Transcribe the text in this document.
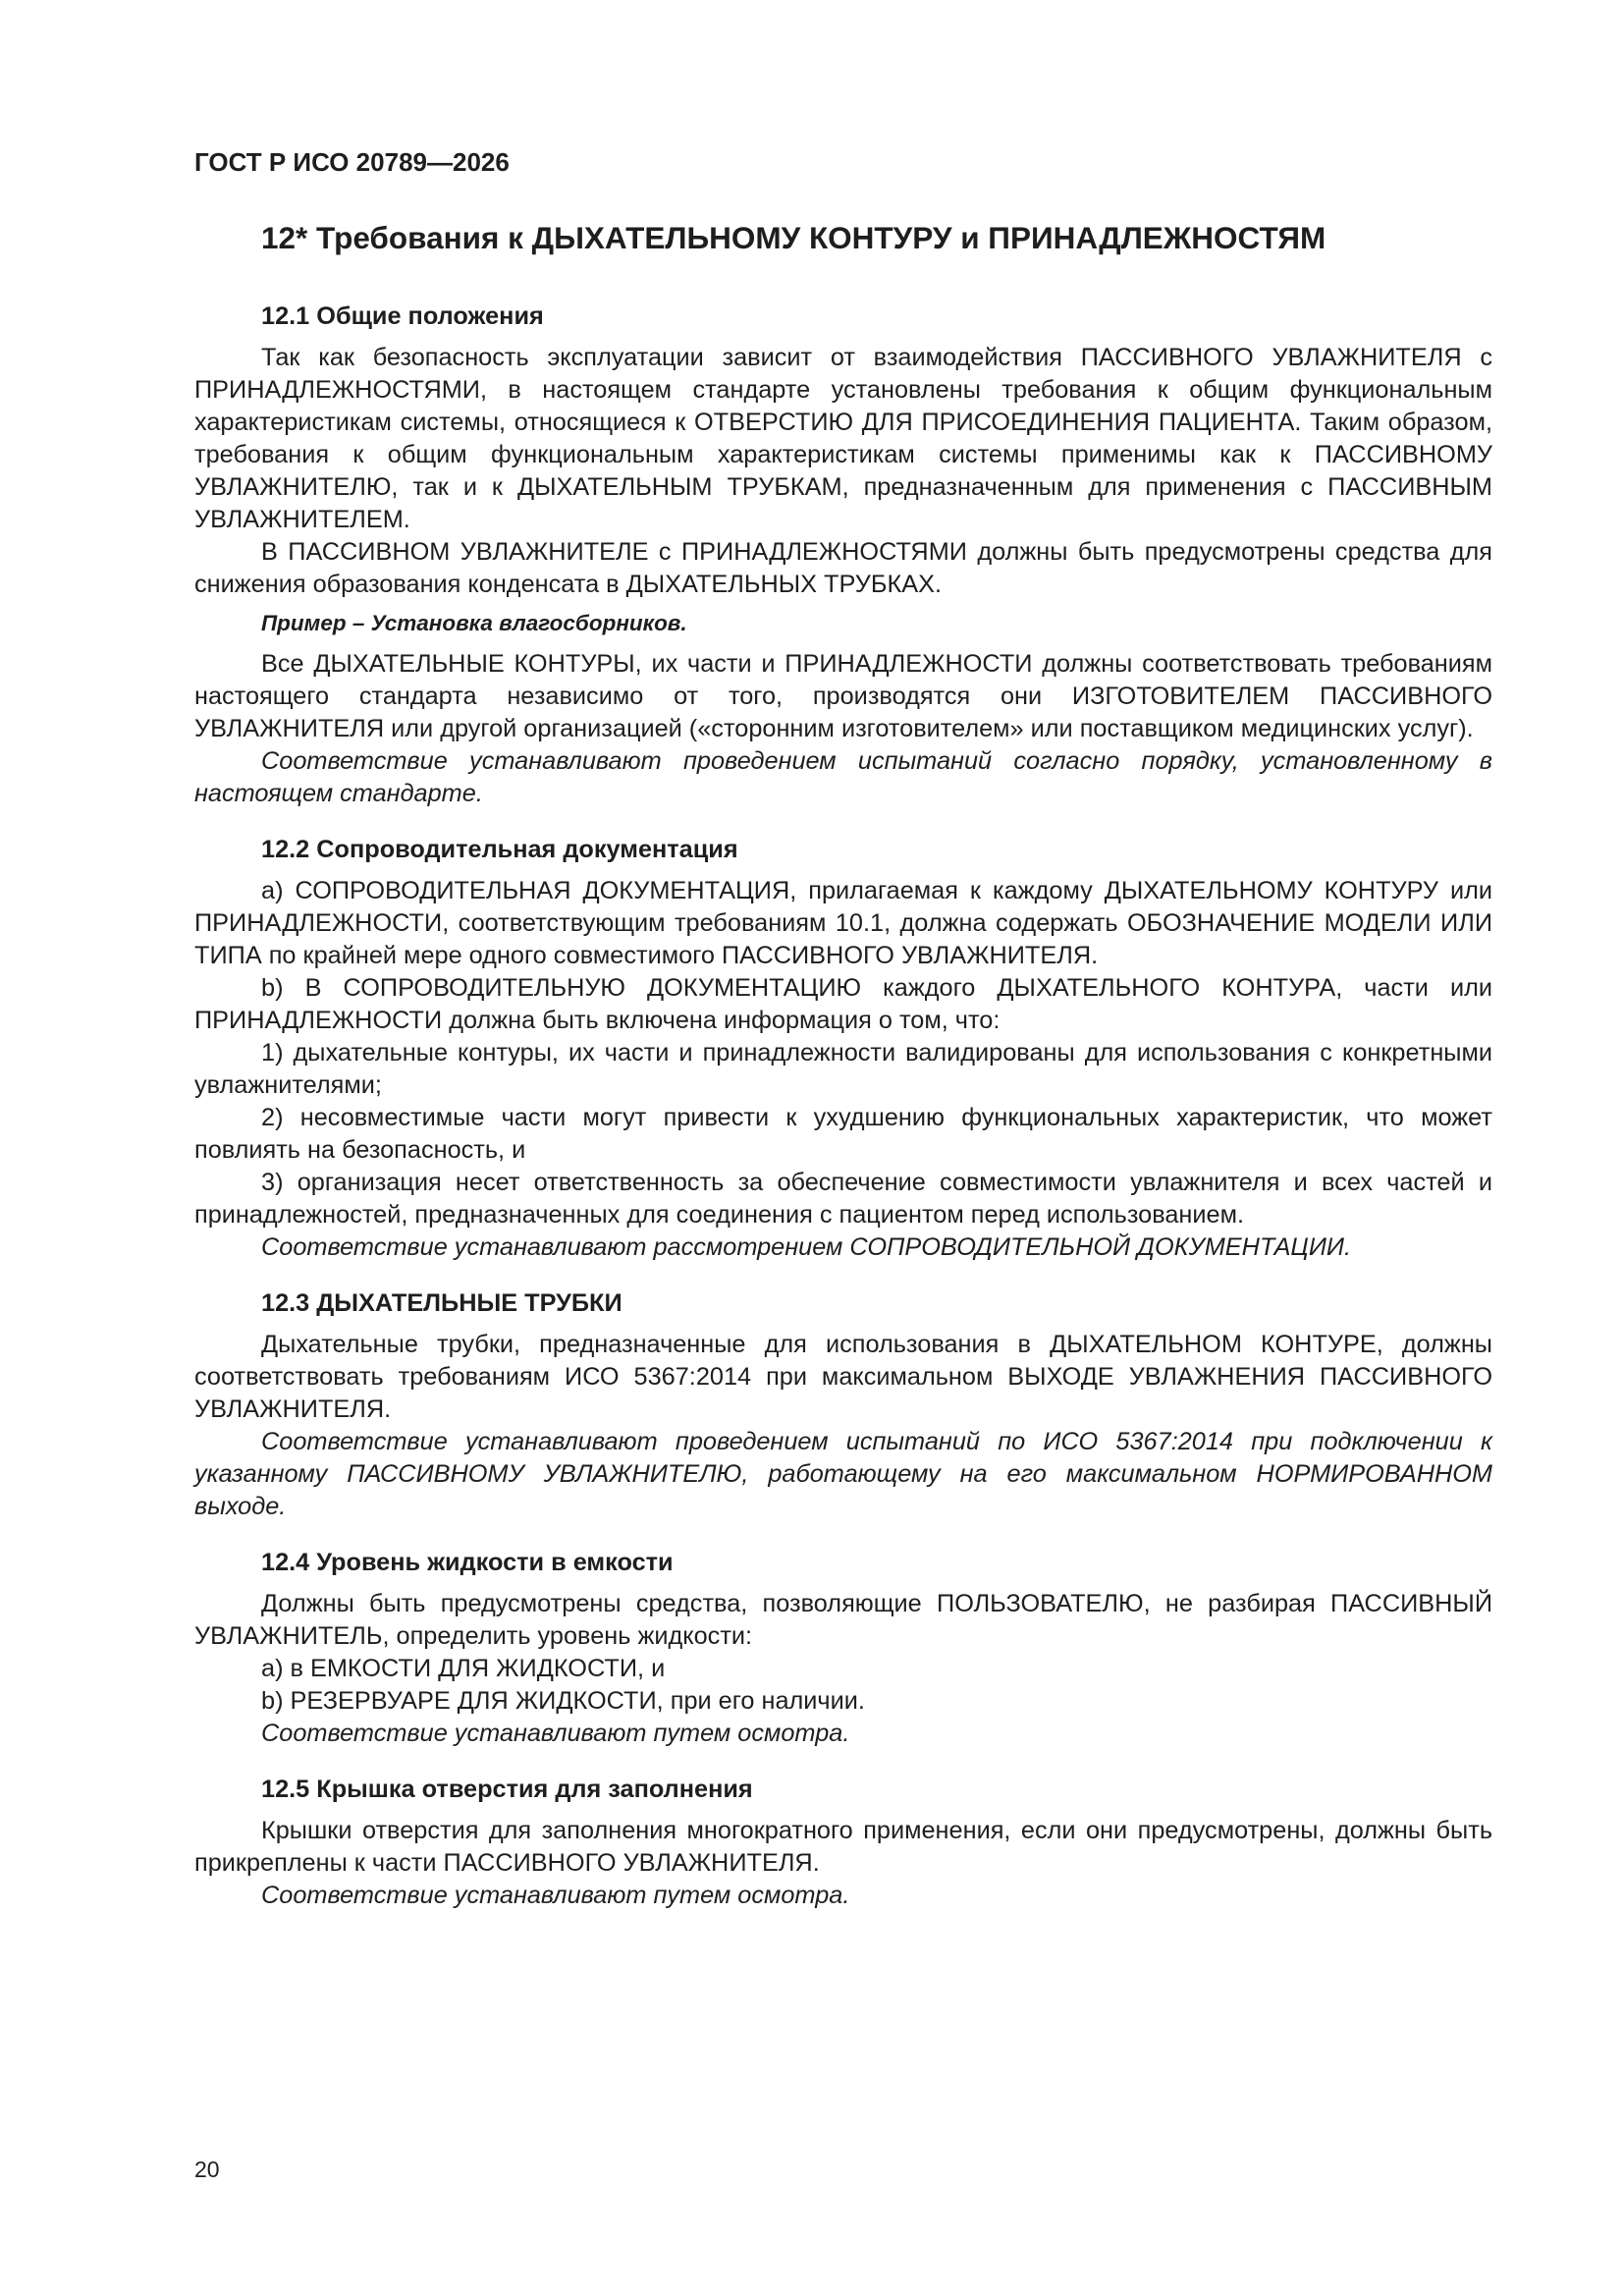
ГОСТ Р ИСО 20789—2026

12* Требования к ДЫХАТЕЛЬНОМУ КОНТУРУ и ПРИНАДЛЕЖНОСТЯМ

12.1 Общие положения

Так как безопасность эксплуатации зависит от взаимодействия ПАССИВНОГО УВЛАЖНИТЕЛЯ с ПРИНАДЛЕЖНОСТЯМИ, в настоящем стандарте установлены требования к общим функциональным характеристикам системы, относящиеся к ОТВЕРСТИЮ ДЛЯ ПРИСОЕДИНЕНИЯ ПАЦИЕНТА. Таким образом, требования к общим функциональным характеристикам системы применимы как к ПАССИВНОМУ УВЛАЖНИТЕЛЮ, так и к ДЫХАТЕЛЬНЫМ ТРУБКАМ, предназначенным для применения с ПАССИВНЫМ УВЛАЖНИТЕЛЕМ.

В ПАССИВНОМ УВЛАЖНИТЕЛЕ с ПРИНАДЛЕЖНОСТЯМИ должны быть предусмотрены средства для снижения образования конденсата в ДЫХАТЕЛЬНЫХ ТРУБКАХ.

Пример – Установка влагосборников.

Все ДЫХАТЕЛЬНЫЕ КОНТУРЫ, их части и ПРИНАДЛЕЖНОСТИ должны соответствовать требованиям настоящего стандарта независимо от того, производятся они ИЗГОТОВИТЕЛЕМ ПАССИВНОГО УВЛАЖНИТЕЛЯ или другой организацией («сторонним изготовителем» или поставщиком медицинских услуг).

Соответствие устанавливают проведением испытаний согласно порядку, установленному в настоящем стандарте.

12.2 Сопроводительная документация

a) СОПРОВОДИТЕЛЬНАЯ ДОКУМЕНТАЦИЯ, прилагаемая к каждому ДЫХАТЕЛЬНОМУ КОНТУРУ или ПРИНАДЛЕЖНОСТИ, соответствующим требованиям 10.1, должна содержать ОБОЗНАЧЕНИЕ МОДЕЛИ ИЛИ ТИПА по крайней мере одного совместимого ПАССИВНОГО УВЛАЖНИТЕЛЯ.

b) В СОПРОВОДИТЕЛЬНУЮ ДОКУМЕНТАЦИЮ каждого ДЫХАТЕЛЬНОГО КОНТУРА, части или ПРИНАДЛЕЖНОСТИ должна быть включена информация о том, что:

1) дыхательные контуры, их части и принадлежности валидированы для использования с конкретными увлажнителями;

2) несовместимые части могут привести к ухудшению функциональных характеристик, что может повлиять на безопасность, и

3) организация несет ответственность за обеспечение совместимости увлажнителя и всех частей и принадлежностей, предназначенных для соединения с пациентом перед использованием.

Соответствие устанавливают рассмотрением СОПРОВОДИТЕЛЬНОЙ ДОКУМЕНТАЦИИ.

12.3 ДЫХАТЕЛЬНЫЕ ТРУБКИ

Дыхательные трубки, предназначенные для использования в ДЫХАТЕЛЬНОМ КОНТУРЕ, должны соответствовать требованиям ИСО 5367:2014 при максимальном ВЫХОДЕ УВЛАЖНЕНИЯ ПАССИВНОГО УВЛАЖНИТЕЛЯ.

Соответствие устанавливают проведением испытаний по ИСО 5367:2014 при подключении к указанному ПАССИВНОМУ УВЛАЖНИТЕЛЮ, работающему на его максимальном НОРМИРОВАННОМ выходе.

12.4 Уровень жидкости в емкости

Должны быть предусмотрены средства, позволяющие ПОЛЬЗОВАТЕЛЮ, не разбирая ПАССИВНЫЙ УВЛАЖНИТЕЛЬ, определить уровень жидкости:

a) в ЕМКОСТИ ДЛЯ ЖИДКОСТИ, и

b) РЕЗЕРВУАРЕ ДЛЯ ЖИДКОСТИ, при его наличии.

Соответствие устанавливают путем осмотра.

12.5 Крышка отверстия для заполнения

Крышки отверстия для заполнения многократного применения, если они предусмотрены, должны быть прикреплены к части ПАССИВНОГО УВЛАЖНИТЕЛЯ.

Соответствие устанавливают путем осмотра.

20
